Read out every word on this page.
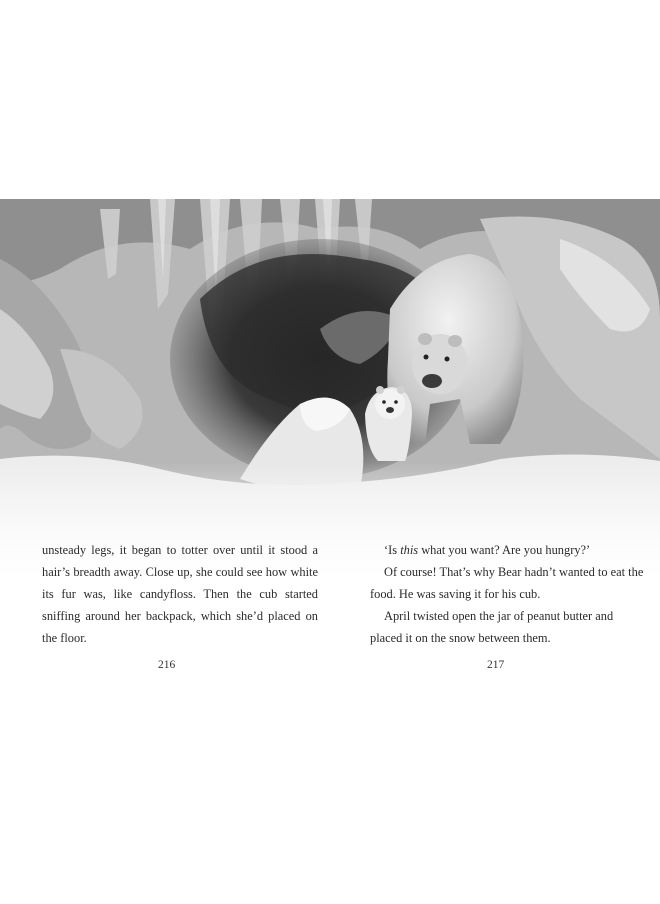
unsteady legs, it began to totter over until it stood a hair’s breadth away. Close up, she could see how white its fur was, like candyfloss. Then the cub started sniffing around her backpack, which she’d placed on the floor.

‘Is this what you want? Are you hungry?’

Of course! That’s why Bear hadn’t wanted to eat the food. He was saving it for his cub.

April twisted open the jar of peanut butter and placed it on the snow between them.

216	217
